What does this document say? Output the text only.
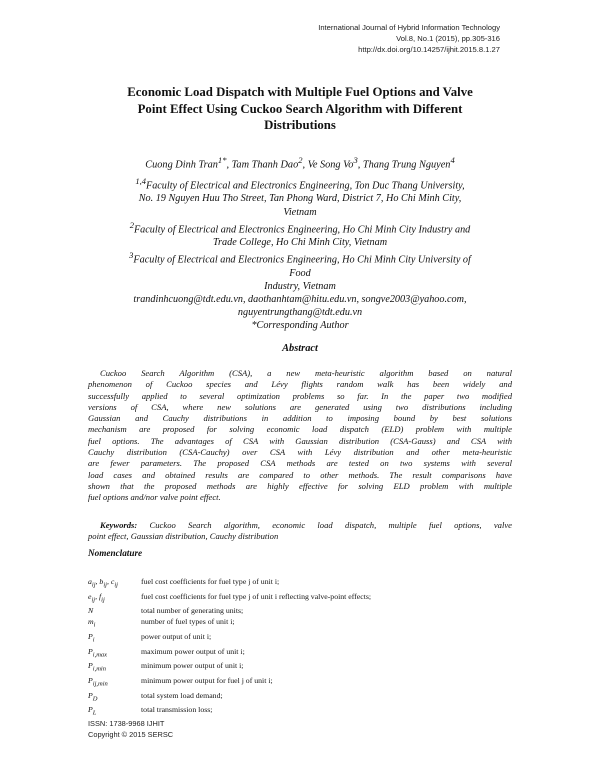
International Journal of Hybrid Information Technology
Vol.8, No.1 (2015), pp.305-316
http://dx.doi.org/10.14257/ijhit.2015.8.1.27
Economic Load Dispatch with Multiple Fuel Options and Valve
Point Effect Using Cuckoo Search Algorithm with Different
Distributions
Cuong Dinh Tran$^{1*}$, Tam Thanh Dao$^2$, Ve Song Vo$^3$, Thang Trung Nguyen$^4$
$^{1,4}$Faculty of Electrical and Electronics Engineering, Ton Duc Thang University,
No. 19 Nguyen Huu Tho Street, Tan Phong Ward, District 7, Ho Chi Minh City,
Vietnam
$^2$Faculty of Electrical and Electronics Engineering, Ho Chi Minh City Industry and
Trade College, Ho Chi Minh City, Vietnam
$^3$Faculty of Electrical and Electronics Engineering, Ho Chi Minh City University of
Food
Industry, Vietnam
trandinhcuong@tdt.edu.vn, daothanhtam@hitu.edu.vn, songve2003@yahoo.com,
nguyentrungthang@tdt.edu.vn
*Corresponding Author
Abstract
Cuckoo Search Algorithm (CSA), a new meta-heuristic algorithm based on natural
phenomenon of Cuckoo species and Lévy flights random walk has been widely and
successfully applied to several optimization problems so far. In the paper two modified
versions of CSA, where new solutions are generated using two distributions including
Gaussian and Cauchy distributions in addition to imposing bound by best solutions
mechanism are proposed for solving economic load dispatch (ELD) problem with multiple
fuel options. The advantages of CSA with Gaussian distribution (CSA-Gauss) and CSA with
Cauchy distribution (CSA-Cauchy) over CSA with Lévy distribution and other meta-heuristic
are fewer parameters. The proposed CSA methods are tested on two systems with several
load cases and obtained results are compared to other methods. The result comparisons have
shown that the proposed methods are highly effective for solving ELD problem with multiple
fuel options and/nor valve point effect.
Keywords: Cuckoo Search algorithm, economic load dispatch, multiple fuel options, valve
point effect, Gaussian distribution, Cauchy distribution
Nomenclature
$a_{ij}$, $b_{ij}$, $c_{ij}$	fuel cost coefficients for fuel type j of unit i;
$e_{ij}$, $f_{ij}$	fuel cost coefficients for fuel type j of unit i reflecting valve-point effects;
N	total number of generating units;
$m_i$	number of fuel types of unit i;
$P_i$	power output of unit i;
$P_{i,max}$	maximum power output of unit i;
$P_{i,min}$	minimum power output of unit i;
$P_{ij,min}$	minimum power output for fuel j of unit i;
$P_D$	total system load demand;
$P_L$	total transmission loss;
ISSN: 1738-9968 IJHIT
Copyright © 2015 SERSC
